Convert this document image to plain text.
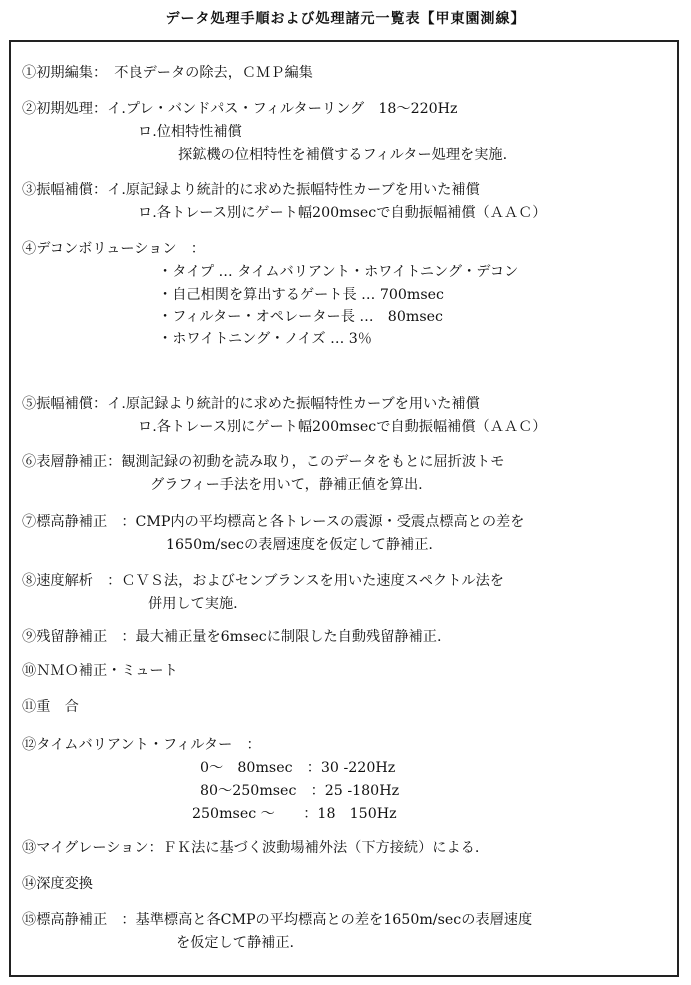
データ処理手順および処理諸元一覧表【甲東園測線】
①初期編集：　不良データの除去，ＣＭＰ編集
②初期処理：イ.プレ・バンドパス・フィルターリング　18～220Hz
ロ.位相特性補償
探鉱機の位相特性を補償するフィルター処理を実施.
③振幅補償：イ.原記録より統計的に求めた振幅特性カーブを用いた補償
ロ.各トレース別にゲート幅200msecで自動振幅補償（ＡＡＣ）
④デコンボリューション　：
・タイプ … タイムバリアント・ホワイトニング・デコン
・自己相関を算出するゲート長 … 700msec
・フィルター・オペレーター長 …　80msec
・ホワイトニング・ノイズ … 3％
⑤振幅補償：イ.原記録より統計的に求めた振幅特性カーブを用いた補償
ロ.各トレース別にゲート幅200msecで自動振幅補償（ＡＡＣ）
⑥表層静補正：観測記録の初動を読み取り，このデータをもとに屈折波トモ
グラフィー手法を用いて，静補正値を算出.
⑦標高静補正　：CMP内の平均標高と各トレースの震源・受震点標高との差を
1650m/secの表層速度を仮定して静補正.
⑧速度解析　：ＣＶＳ法，およびセンブランスを用いた速度スペクトル法を
併用して実施.
⑨残留静補正　：最大補正量を6msecに制限した自動残留静補正.
⑩ＮＭＯ補正・ミュート
⑪重　合
⑫タイムバリアント・フィルター　：
0～　80msec　：30 -220Hz
80～250msec　：25 -180Hz
250msec ～　　：18　150Hz
⑬マイグレーション：ＦＫ法に基づく波動場補外法（下方接続）による.
⑭深度変換
⑮標高静補正　：基準標高と各CMPの平均標高との差を1650m/secの表層速度
を仮定して静補正.
